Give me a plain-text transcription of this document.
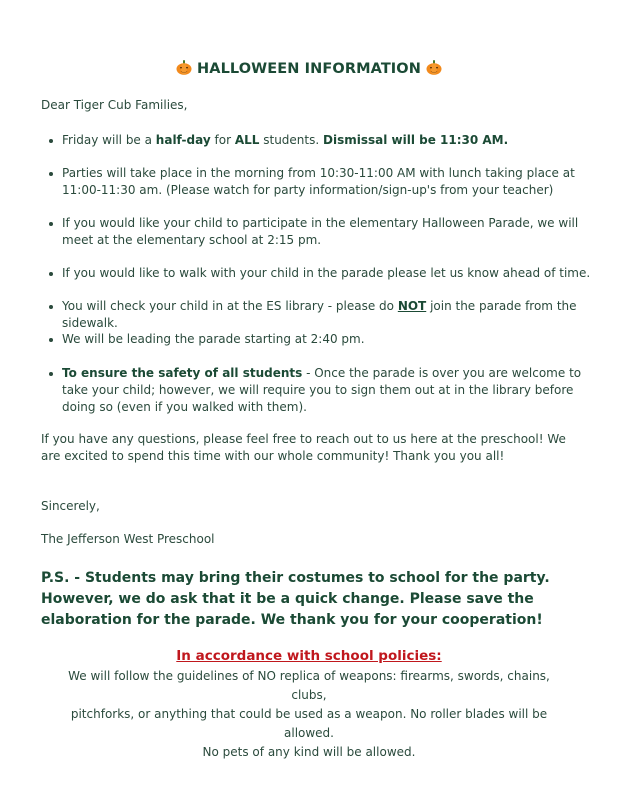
HALLOWEEN INFORMATION
Dear Tiger Cub Families,
Friday will be a half-day for ALL students. Dismissal will be 11:30 AM.
Parties will take place in the morning from 10:30-11:00 AM with lunch taking place at 11:00-11:30 am. (Please watch for party information/sign-up's from your teacher)
If you would like your child to participate in the elementary Halloween Parade, we will meet at the elementary school at 2:15 pm.
If you would like to walk with your child in the parade please let us know ahead of time.
You will check your child in at the ES library - please do NOT join the parade from the sidewalk.
We will be leading the parade starting at 2:40 pm.
To ensure the safety of all students - Once the parade is over you are welcome to take your child; however, we will require you to sign them out at in the library before doing so (even if you walked with them).
If you have any questions, please feel free to reach out to us here at the preschool! We are excited to spend this time with our whole community! Thank you you all!
Sincerely,
The Jefferson West Preschool
P.S. - Students may bring their costumes to school for the party. However, we do ask that it be a quick change. Please save the elaboration for the parade. We thank you for your cooperation!
In accordance with school policies:
We will follow the guidelines of NO replica of weapons: firearms, swords, chains, clubs,
pitchforks, or anything that could be used as a weapon. No roller blades will be allowed.
No pets of any kind will be allowed.
